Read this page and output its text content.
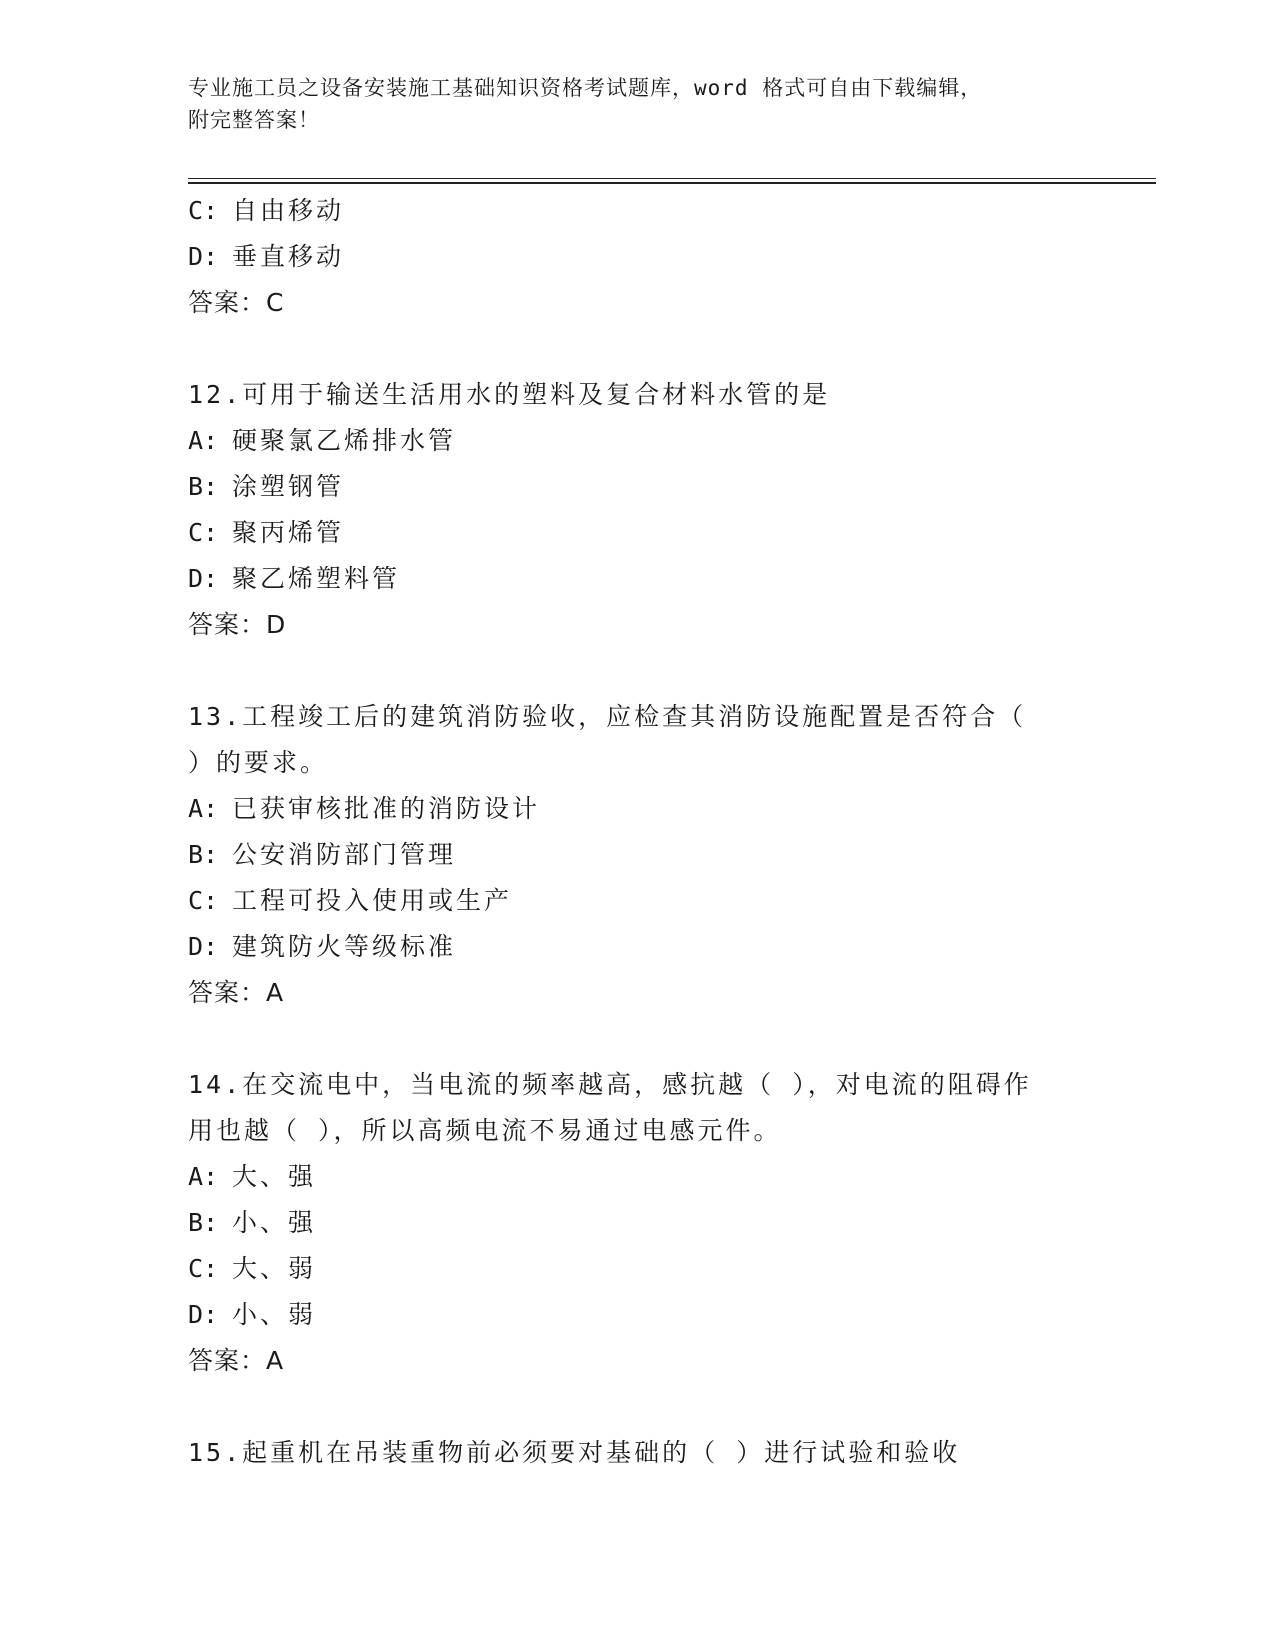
专业施工员之设备安装施工基础知识资格考试题库，word 格式可自由下载编辑，
附完整答案！
C: 自由移动
D: 垂直移动
答案：C
12.可用于输送生活用水的塑料及复合材料水管的是
A: 硬聚氯乙烯排水管
B: 涂塑钢管
C: 聚丙烯管
D: 聚乙烯塑料管
答案：D
13.工程竣工后的建筑消防验收，应检查其消防设施配置是否符合（
）的要求。
A: 已获审核批准的消防设计
B: 公安消防部门管理
C: 工程可投入使用或生产
D: 建筑防火等级标准
答案：A
14.在交流电中，当电流的频率越高，感抗越（ ），对电流的阻碍作
用也越（ ），所以高频电流不易通过电感元件。
A: 大、强
B: 小、强
C: 大、弱
D: 小、弱
答案：A
15.起重机在吊装重物前必须要对基础的（ ）进行试验和验收
